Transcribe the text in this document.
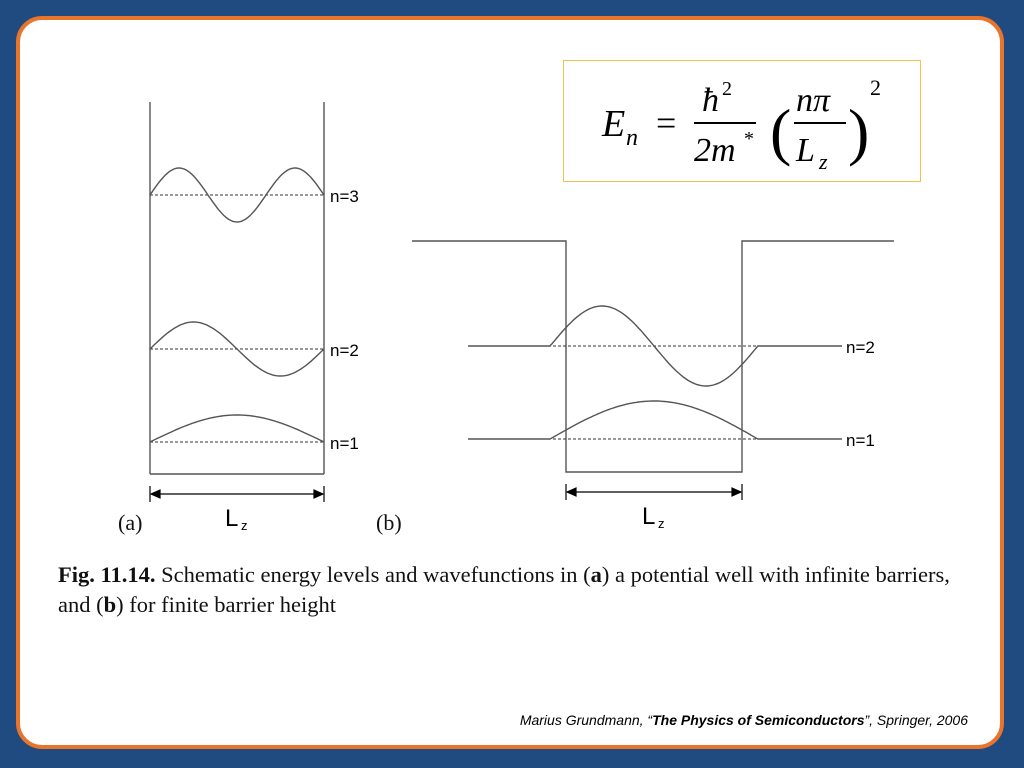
E n =
ħ 2
2m * ( nπ
L z )
2
n=3
n=2
n=1
L z
(a)
n=2
n=1
L z
(b)
Fig. 11.14. Schematic energy levels and wavefunctions in (a) a potential well with infinite barriers, and (b) for finite barrier height
Marius Grundmann, “The Physics of Semiconductors”, Springer, 2006
